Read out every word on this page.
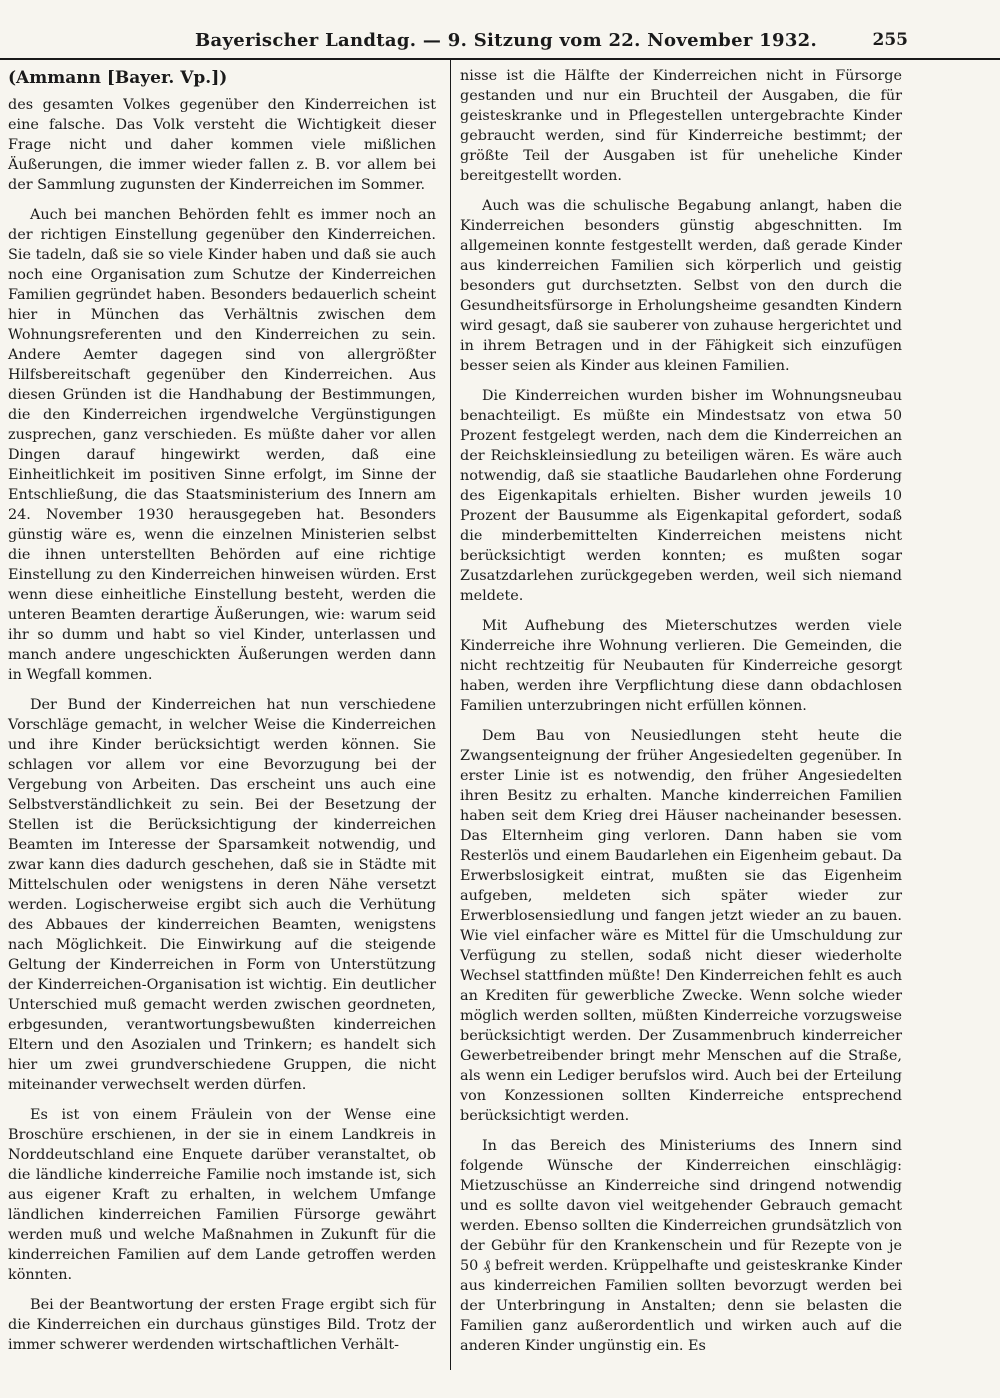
Bayerischer Landtag. — 9. Sitzung vom 22. November 1932.	255
(Ammann [Bayer. Vp.])

des gesamten Volkes gegenüber den Kinderreichen ist eine falsche. Das Volk versteht die Wichtigkeit dieser Frage nicht und daher kommen viele mißlichen Äußerungen, die immer wieder fallen z. B. vor allem bei der Sammlung zugunsten der Kinderreichen im Sommer.

Auch bei manchen Behörden fehlt es immer noch an der richtigen Einstellung gegenüber den Kinderreichen. Sie tadeln, daß sie so viele Kinder haben und daß sie auch noch eine Organisation zum Schutze der Kinderreichen Familien gegründet haben. Besonders bedauerlich scheint hier in München das Verhältnis zwischen dem Wohnungsreferenten und den Kinderreichen zu sein. Andere Aemter dagegen sind von allergrößter Hilfsbereitschaft gegenüber den Kinderreichen. Aus diesen Gründen ist die Handhabung der Bestimmungen, die den Kinderreichen irgendwelche Vergünstigungen zusprechen, ganz verschieden. Es müßte daher vor allen Dingen darauf hingewirkt werden, daß eine Einheitlichkeit im positiven Sinne erfolgt, im Sinne der Entschließung, die das Staatsministerium des Innern am 24. November 1930 herausgegeben hat. Besonders günstig wäre es, wenn die einzelnen Ministerien selbst die ihnen unterstellten Behörden auf eine richtige Einstellung zu den Kinderreichen hinweisen würden. Erst wenn diese einheitliche Einstellung besteht, werden die unteren Beamten derartige Äußerungen, wie: warum seid ihr so dumm und habt so viel Kinder, unterlassen und manch andere ungeschickten Äußerungen werden dann in Wegfall kommen.

Der Bund der Kinderreichen hat nun verschiedene Vorschläge gemacht, in welcher Weise die Kinderreichen und ihre Kinder berücksichtigt werden können. Sie schlagen vor allem vor eine Bevorzugung bei der Vergebung von Arbeiten. Das erscheint uns auch eine Selbstverständlichkeit zu sein. Bei der Besetzung der Stellen ist die Berücksichtigung der kinderreichen Beamten im Interesse der Sparsamkeit notwendig, und zwar kann dies dadurch geschehen, daß sie in Städte mit Mittelschulen oder wenigstens in deren Nähe versetzt werden. Logischerweise ergibt sich auch die Verhütung des Abbaues der kinderreichen Beamten, wenigstens nach Möglichkeit. Die Einwirkung auf die steigende Geltung der Kinderreichen in Form von Unterstützung der Kinderreichen-Organisation ist wichtig. Ein deutlicher Unterschied muß gemacht werden zwischen geordneten, erbgesunden, verantwortungsbewußten kinderreichen Eltern und den Asozialen und Trinkern; es handelt sich hier um zwei grundverschiedene Gruppen, die nicht miteinander verwechselt werden dürfen.

Es ist von einem Fräulein von der Wense eine Broschüre erschienen, in der sie in einem Landkreis in Norddeutschland eine Enquete darüber veranstaltet, ob die ländliche kinderreiche Familie noch imstande ist, sich aus eigener Kraft zu erhalten, in welchem Umfange ländlichen kinderreichen Familien Fürsorge gewährt werden muß und welche Maßnahmen in Zukunft für die kinderreichen Familien auf dem Lande getroffen werden könnten.

Bei der Beantwortung der ersten Frage ergibt sich für die Kinderreichen ein durchaus günstiges Bild. Trotz der immer schwerer werdenden wirtschaftlichen Verhält-

nisse ist die Hälfte der Kinderreichen nicht in Fürsorge gestanden und nur ein Bruchteil der Ausgaben, die für geisteskranke und in Pflegestellen untergebrachte Kinder gebraucht werden, sind für Kinderreiche bestimmt; der größte Teil der Ausgaben ist für uneheliche Kinder bereitgestellt worden.

Auch was die schulische Begabung anlangt, haben die Kinderreichen besonders günstig abgeschnitten. Im allgemeinen konnte festgestellt werden, daß gerade Kinder aus kinderreichen Familien sich körperlich und geistig besonders gut durchsetzten. Selbst von den durch die Gesundheitsfürsorge in Erholungsheime gesandten Kindern wird gesagt, daß sie sauberer von zuhause hergerichtet und in ihrem Betragen und in der Fähigkeit sich einzufügen besser seien als Kinder aus kleinen Familien.

Die Kinderreichen wurden bisher im Wohnungsneubau benachteiligt. Es müßte ein Mindestsatz von etwa 50 Prozent festgelegt werden, nach dem die Kinderreichen an der Reichskleinsiedlung zu beteiligen wären. Es wäre auch notwendig, daß sie staatliche Baudarlehen ohne Forderung des Eigenkapitals erhielten. Bisher wurden jeweils 10 Prozent der Bausumme als Eigenkapital gefordert, sodaß die minderbemittelten Kinderreichen meistens nicht berücksichtigt werden konnten; es mußten sogar Zusatzdarlehen zurückgegeben werden, weil sich niemand meldete.

Mit Aufhebung des Mieterschutzes werden viele Kinderreiche ihre Wohnung verlieren. Die Gemeinden, die nicht rechtzeitig für Neubauten für Kinderreiche gesorgt haben, werden ihre Verpflichtung diese dann obdachlosen Familien unterzubringen nicht erfüllen können.

Dem Bau von Neusiedlungen steht heute die Zwangsenteignung der früher Angesiedelten gegenüber. In erster Linie ist es notwendig, den früher Angesiedelten ihren Besitz zu erhalten. Manche kinderreichen Familien haben seit dem Krieg drei Häuser nacheinander besessen. Das Elternheim ging verloren. Dann haben sie vom Resterlös und einem Baudarlehen ein Eigenheim gebaut. Da Erwerbslosigkeit eintrat, mußten sie das Eigenheim aufgeben, meldeten sich später wieder zur Erwerblosensiedlung und fangen jetzt wieder an zu bauen. Wie viel einfacher wäre es Mittel für die Umschuldung zur Verfügung zu stellen, sodaß nicht dieser wiederholte Wechsel stattfinden müßte! Den Kinderreichen fehlt es auch an Krediten für gewerbliche Zwecke. Wenn solche wieder möglich werden sollten, müßten Kinderreiche vorzugsweise berücksichtigt werden. Der Zusammenbruch kinderreicher Gewerbetreibender bringt mehr Menschen auf die Straße, als wenn ein Lediger berufslos wird. Auch bei der Erteilung von Konzessionen sollten Kinderreiche entsprechend berücksichtigt werden.

In das Bereich des Ministeriums des Innern sind folgende Wünsche der Kinderreichen einschlägig: Mietzuschüsse an Kinderreiche sind dringend notwendig und es sollte davon viel weitgehender Gebrauch gemacht werden. Ebenso sollten die Kinderreichen grundsätzlich von der Gebühr für den Krankenschein und für Rezepte von je 50 ₰ befreit werden. Krüppelhafte und geisteskranke Kinder aus kinderreichen Familien sollten bevorzugt werden bei der Unterbringung in Anstalten; denn sie belasten die Familien ganz außerordentlich und wirken auch auf die anderen Kinder ungünstig ein. Es
